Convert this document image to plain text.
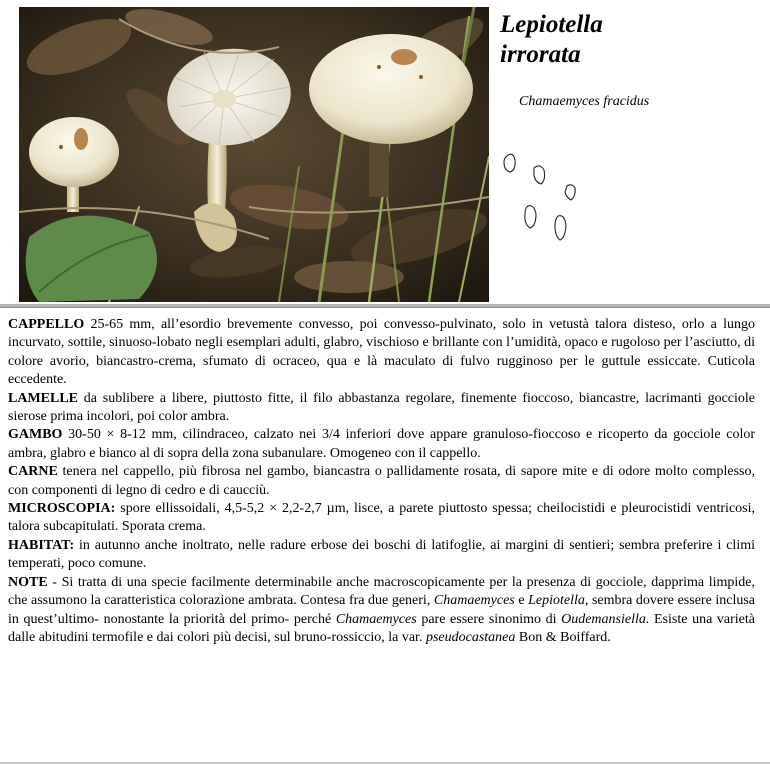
Lepiotella
irrorata
Chamaemyces fracidus

CAPPELLO 25-65 mm, all’esordio brevemente convesso, poi convesso-pulvinato, solo in vetustà talora disteso, orlo a lungo incurvato, sottile, sinuoso-lobato negli esemplari adulti, glabro, vischioso e brillante con l’umidità, opaco e rugoloso per l’asciutto, di colore avorio, biancastro-crema, sfumato di ocraceo, qua e là maculato di fulvo rugginoso per le guttule essiccate. Cuticola eccedente.

LAMELLE da sublibere a libere, piuttosto fitte, il filo abbastanza regolare, finemente fioccoso, biancastre, lacrimanti gocciole sierose prima incolori, poi color ambra.

GAMBO 30-50 × 8-12 mm, cilindraceo, calzato nei 3/4 inferiori dove appare granuloso-fioccoso e ricoperto da gocciole color ambra, glabro e bianco al di sopra della zona subanulare. Omogeneo con il cappello.

CARNE tenera nel cappello, più fibrosa nel gambo, biancastra o pallidamente rosata, di sapore mite e di odore molto complesso, con componenti di legno di cedro e di caucciù.

MICROSCOPIA: spore ellissoidali, 4,5-5,2 × 2,2-2,7 µm, lisce, a parete piuttosto spessa; cheilocistidi e pleurocistidi ventricosi, talora subcapitulati. Sporata crema.

HABITAT: in autunno anche inoltrato, nelle radure erbose dei boschi di latifoglie, ai margini di sentieri; sembra preferire i climi temperati, poco comune.

NOTE - Si tratta di una specie facilmente determinabile anche macroscopicamente per la presenza di gocciole, dapprima limpide, che assumono la caratteristica colorazione ambrata. Contesa fra due generi, Chamaemyces e Lepiotella, sembra dovere essere inclusa in quest’ultimo- nonostante la priorità del primo- perché Chamaemyces pare essere sinonimo di Oudemansiella. Esiste una varietà dalle abitudini termofile e dai colori più decisi, sul bruno-rossiccio, la var. pseudocastanea Bon & Boiffard.
